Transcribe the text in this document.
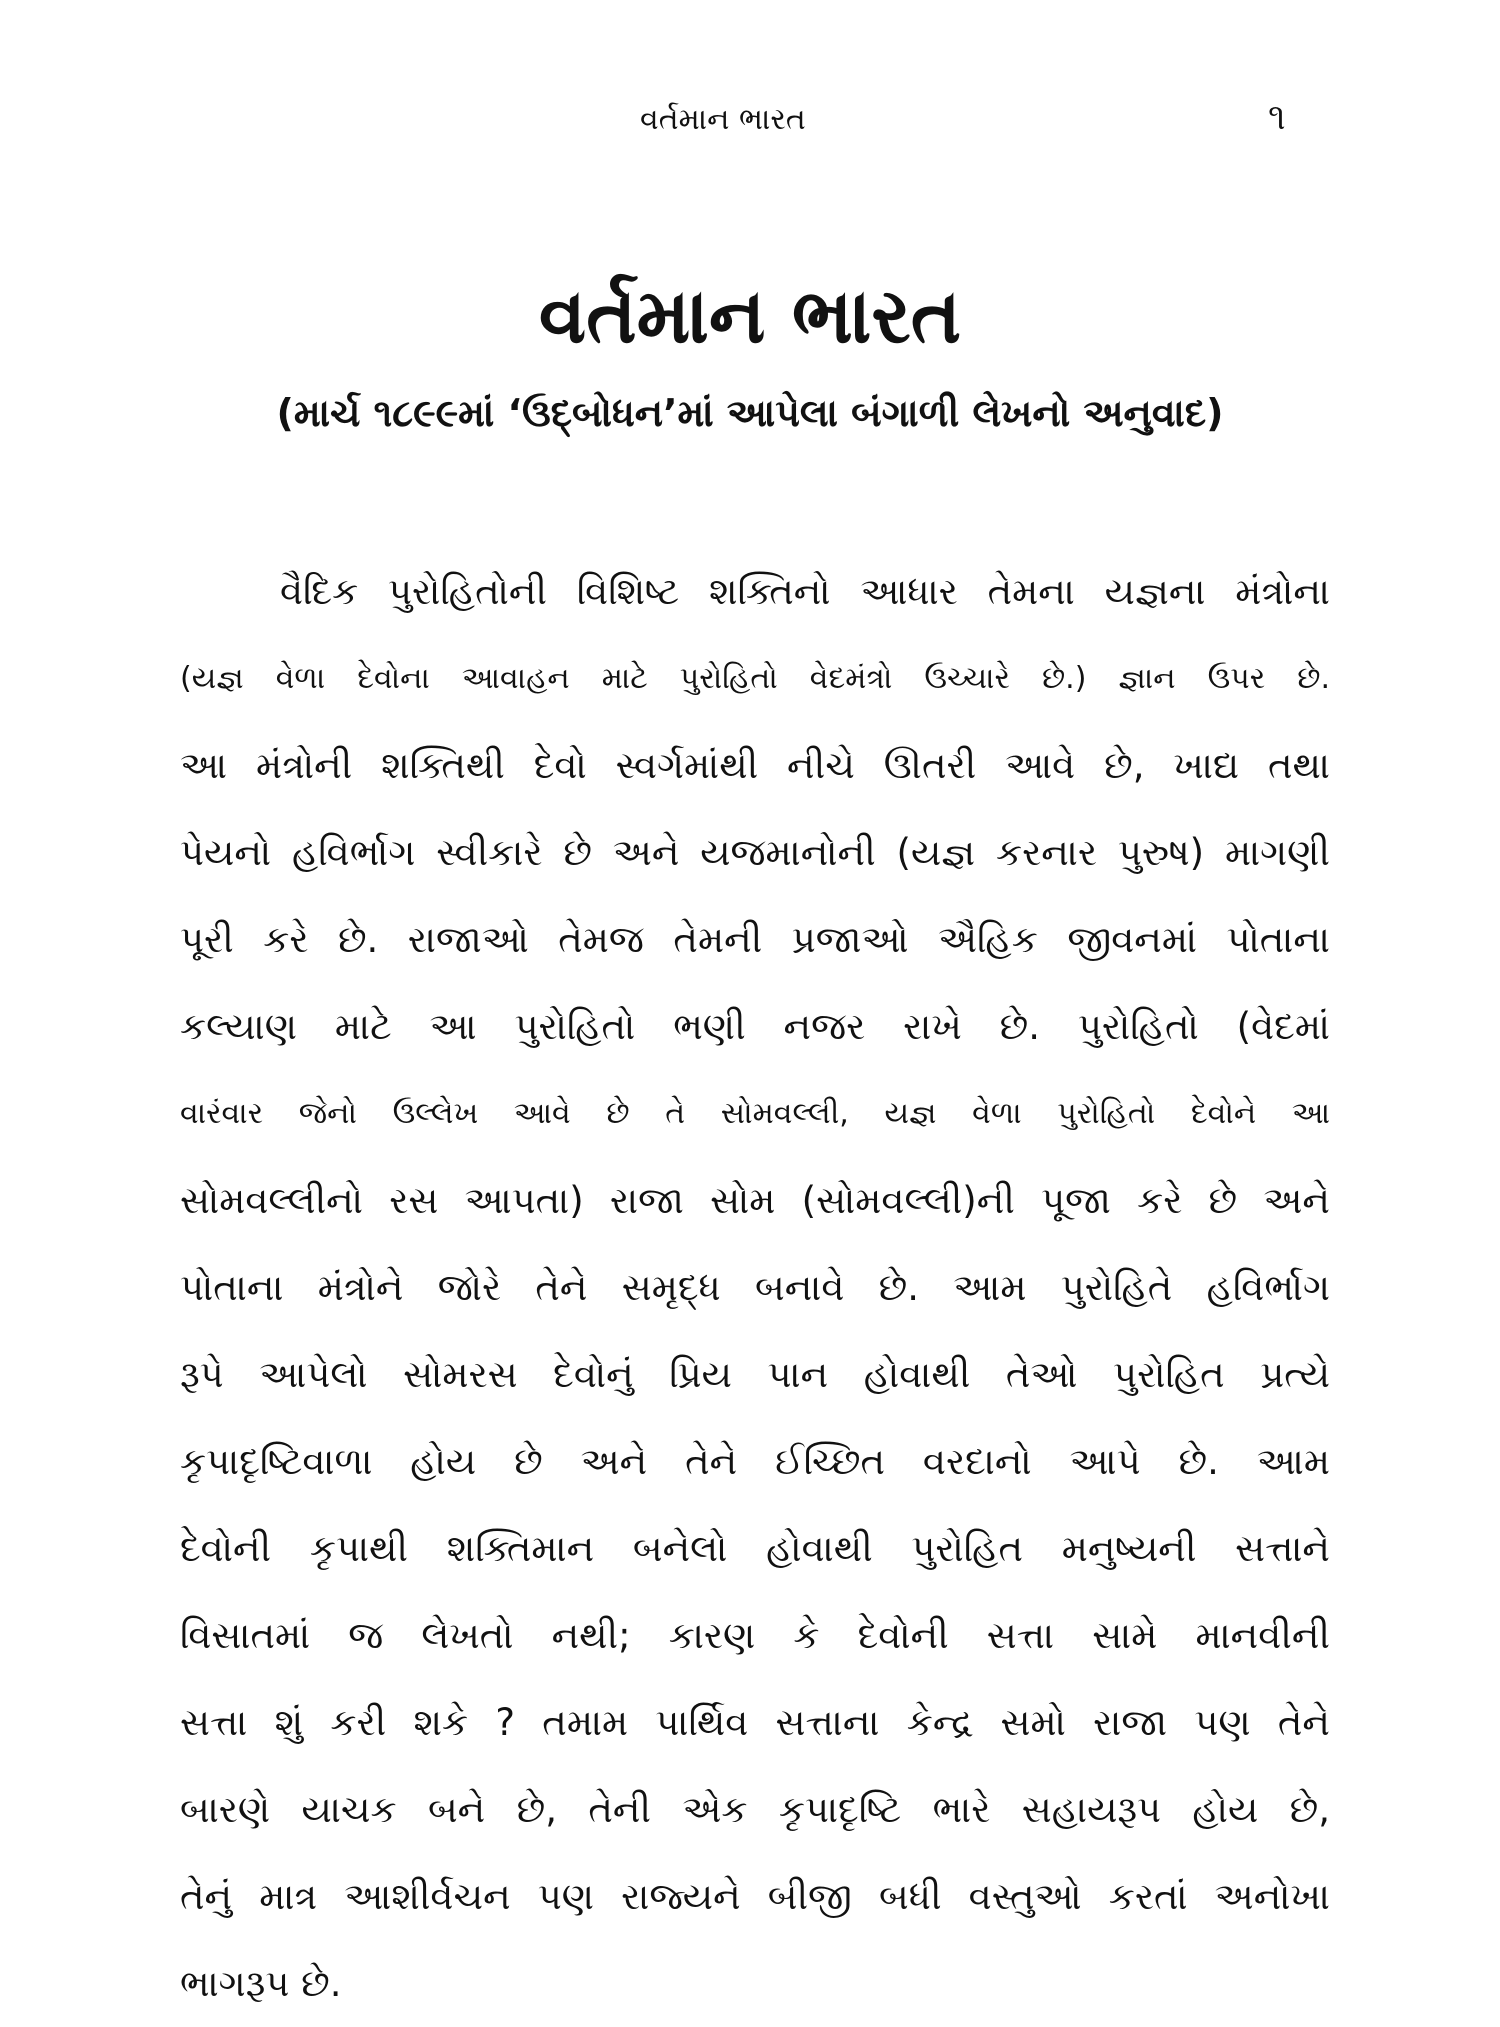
વર્તમાન ભારત	૧
વર્તમાન ભારત
(માર્ચ ૧૮૯૯માં ‘ઉદ્‌બોધન’માં આપેલા બંગાળી લેખનો અનુવાદ)
વૈદિક પુરોહિતોની વિશિષ્ટ શક્તિનો આધાર તેમના યજ્ઞના મંત્રોના
(યજ્ઞ વેળા દેવોના આવાહન માટે પુરોહિતો વેદમંત્રો ઉચ્ચારે છે.) જ્ઞાન ઉપર છે.
આ મંત્રોની શક્તિથી દેવો સ્વર્ગમાંથી નીચે ઊતરી આવે છે, ખાદ્ય તથા
પેયનો હવિર્ભાગ સ્વીકારે છે અને યજમાનોની (યજ્ઞ કરનાર પુરુષ) માગણી
પૂરી કરે છે. રાજાઓ તેમજ તેમની પ્રજાઓ ઐહિક જીવનમાં પોતાના
કલ્યાણ માટે આ પુરોહિતો ભણી નજર રાખે છે. પુરોહિતો (વેદમાં
વારંવાર જેનો ઉલ્લેખ આવે છે તે સોમવલ્લી, યજ્ઞ વેળા પુરોહિતો દેવોને આ
સોમવલ્લીનો રસ આપતા) રાજા સોમ (સોમવલ્લી)ની પૂજા કરે છે અને
પોતાના મંત્રોને જોરે તેને સમૃદ્ધ બનાવે છે. આમ પુરોહિતે હવિર્ભાગ
રૂપે આપેલો સોમરસ દેવોનું પ્રિય પાન હોવાથી તેઓ પુરોહિત પ્રત્યે
કૃપાદૃષ્ટિવાળા હોય છે અને તેને ઈચ્છિત વરદાનો આપે છે. આમ
દેવોની કૃપાથી શક્તિમાન બનેલો હોવાથી પુરોહિત મનુષ્યની સત્તાને
વિસાતમાં જ લેખતો નથી; કારણ કે દેવોની સત્તા સામે માનવીની
સત્તા શું કરી શકે ? તમામ પાર્થિવ સત્તાના કેન્દ્ર સમો રાજા પણ તેને
બારણે યાચક બને છે, તેની એક કૃપાદૃષ્ટિ ભારે સહાયરૂપ હોય છે,
તેનું માત્ર આશીર્વચન પણ રાજ્યને બીજી બધી વસ્તુઓ કરતાં અનોખા
ભાગરૂપ છે.
